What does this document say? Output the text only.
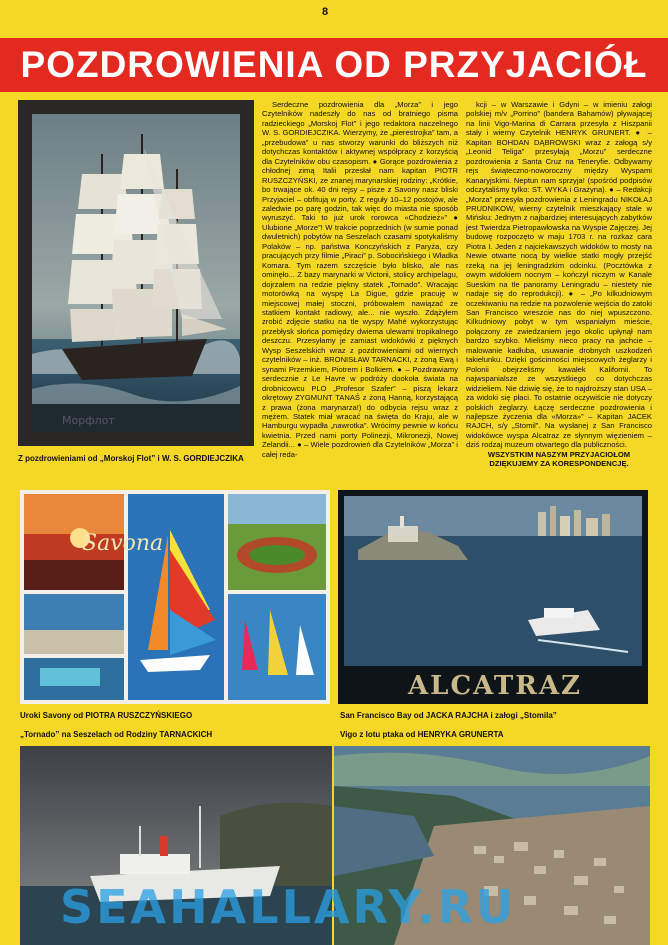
8
POZDROWIENIA OD PRZYJACIÓŁ
Морфлот
Z pozdrowieniami od „Morskoj Flot” i W. S. GORDIEJCZIKA

Serdeczne pozdrowienia dla „Morza” i jego Czytelników nadeszły do nas od bratniego pisma radzieckiego „Morskoj Flot” i jego redaktora naczelnego W. S. GORDIEJCZIKA. Wierzymy, że „pierestrojka” tam, a „przebudowa” u nas stworzy warunki do bliższych niż dotychczas kontaktów i aktywnej współpracy z korzyścią dla Czytelników obu czasopism. ● Gorące pozdrowienia z chłodnej zimą Italii przesłał nam kapitan PIOTR RUSZCZYŃSKI, ze znanej marynarskiej rodziny: „Krótkie, bo trwające ok. 40 dni rejsy – pisze z Savony nasz bliski Przyjaciel – obfitują w porty. Z reguły 10–12 postojów, ale zaledwie po parę godzin, tak więc do miasta nie sposób wyruszyć. Taki to już urok rorowca «Chodzież»” ● Ulubione „Morze”! W trakcie poprzednich (w sumie ponad dwuletnich) pobytów na Seszelach czasami spotykaliśmy Polaków – np. państwa Konczyńskich z Paryża, czy pracujących przy filmie „Piraci” p. Sobocińskiego i Władka Komara. Tym razem szczęście było blisko, ale nas ominęło... Z bazy marynarki w Victorii, stolicy archipelagu, dojrzałem na redzie piękny statek „Tornado”. Wracając motorówką na wyspę La Digue, gdzie pracuję w miejscowej małej stoczni, próbowałem nawiązać ze statkiem kontakt radiowy, ale... nie wyszło. Zdążyłem zrobić zdjęcie statku na tle wyspy Mahé wykorzystując przebłysk słońca pomiędzy dwiema ulewami tropikalnego deszczu. Przesyłamy je zamiast widokówki z pięknych Wysp Seszelskich wraz z pozdrowieniami od wiernych czytelników – inż. BRONISŁAW TARNACKI, z żoną Ewą i synami Przemkiem, Piotrem i Bolkiem. ● – Pozdrawiamy serdecznie z Le Havre w podróży dookoła świata na drobnicowcu PLO „Profesor Szafer” – piszą lekarz okrętowy ZYGMUNT TANAŚ z żoną Hanną, korzystającą z prawa (żona marynarza!) do odbycia rejsu wraz z mężem. Statek miał wracać na święta do Kraju, ale w Hamburgu wypadła „nawrotka”. Wrócimy pewnie w końcu kwietnia. Przed nami porty Polinezji, Mikronezji, Nowej Zelandii... ● – Wiele pozdrowień dla Czytelników „Morza” i całej reda-

kcji – w Warszawie i Gdyni – w imieniu załogi polskiej m/v „Porrino” (bandera Bahamów) pływającej na linii Vigo-Marina di Carrara przesyła z Hiszpanii stały i wierny Czytelnik HENRYK GRUNERT. ● –Kapitan BOHDAN DĄBROWSKI wraz z załogą s/y „Leonid Teliga” przesyłają „Morzu” serdeczne pozdrowienia z Santa Cruz na Teneryfie. Odbywamy rejs świąteczno-noworoczny między Wyspami Kanaryjskimi. Neptun nam sprzyja! (spośród podpisów odczytaliśmy tylko: ST. WYKA i Grażyna). ● – Redakcji „Morza” przesyła pozdrowienia z Leningradu NIKOŁAJ PRUDNIKOW, wierny czytelnik mieszkający stale w Mińsku: Jednym z najbardziej interesujących zabytków jest Twierdza Pietropawłowska na Wyspie Zajęczej. Jej budowę rozpoczęto w maju 1703 r. na rozkaz cara Piotra I. Jeden z najciekawszych widoków to mosty na Newie otwarte nocą by wielkie statki mogły przejść rzeką na jej leningradzkim odcinku. (Pocztówka z owym widokiem nocnym – kończył niczym w Kanale Sueskim na tle panoramy Leningradu – niestety nie nadaje się do reprodukcji). ● – „Po kilkudniowym oczekiwaniu na redzie na pozwolenie wejścia do zatoki San Francisco wreszcie nas do niej wpuszczono. Kilkudniowy pobyt w tym wspaniałym mieście, połączony ze zwiedzaniem jego okolic upłynął nam bardzo szybko. Mieliśmy nieco pracy na jachcie – malowanie kadłuba, usuwanie drobnych uszkodzeń takielunku. Dzięki gościnności miejscowych żeglarzy i Polonii obejrzeliśmy kawałek Kalifornii. To najwspanialsze ze wszystkiego co dotychczas widzieliem. Nie dziwię się, że to najdroższy stan USA – za widoki się płaci. To ostatnie oczywiście nie dotyczy polskich żeglarzy. Łączę serdeczne pozdrowienia i najlepsze życzenia dla «Morza»” – Kapitan JACEK RAJCH, s/y „Stomil”. Na wysłanej z San Francisco widokówce wyspa Alcatraz ze słynnym więzieniem – dziś rodzaj muzeum otwartego dla publiczności.

WSZYSTKIM NASZYM PRZYJACIOŁOM DZIĘKUJEMY ZA KORESPONDENCJĘ.

Savona
ALCATRAZ
Uroki Savony od PIOTRA RUSZCZYŃSKIEGO	San Francisco Bay od JACKA RAJCHA i załogi „Stomila”
„Tornado” na Seszelach od Rodziny TARNACKICH	Vigo z lotu ptaka od HENRYKA GRUNERTA
SEAHALLARY.RU
